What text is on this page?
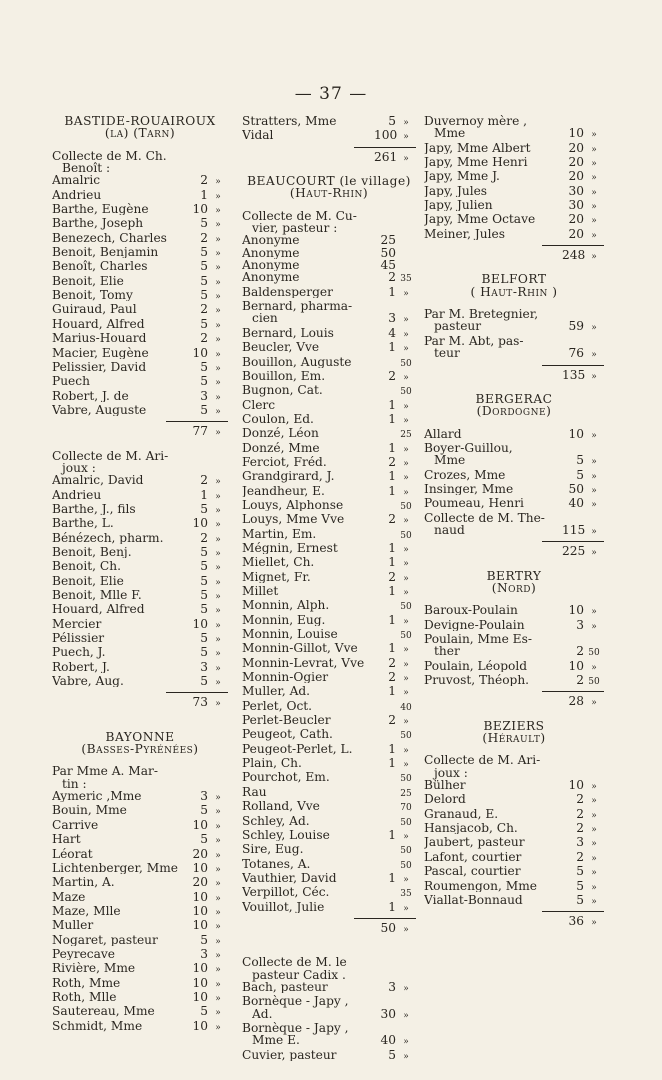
— 37 —
BASTIDE-ROUAIROUX
(la) (Tarn)
Collecte de M. Ch.
Benoît :
Amalric	2 »
Andrieu	1 »
Barthe, Eugène	10 »
Barthe, Joseph	5 »
Benezech, Charles	2 »
Benoit, Benjamin	5 »
Benoît, Charles	5 »
Benoit, Elie	5 »
Benoit, Tomy	5 »
Guiraud, Paul	2 »
Houard, Alfred	5 »
Marius-Houard	2 »
Macier, Eugène	10 »
Pelissier, David	5 »
Puech	5 »
Robert, J. de	3 »
Vabre, Auguste	5 »
77 »
Collecte de M. Ari-
joux :
Amalric, David	2 »
Andrieu	1 »
Barthe, J., fils	5 »
Barthe, L.	10 »
Bénézech, pharm.	2 »
Benoit, Benj.	5 »
Benoit, Ch.	5 »
Benoit, Elie	5 »
Benoit, Mlle F.	5 »
Houard, Alfred	5 »
Mercier	10 »
Pélissier	5 »
Puech, J.	5 »
Robert, J.	3 »
Vabre, Aug.	5 »
73 »
BAYONNE
(Basses-Pyrénées)
Par Mme A. Mar-
tin :
Aymeric ,Mme	3 »
Bouin, Mme	5 »
Carrive	10 »
Hart	5 »
Léorat	20 »
Lichtenberger, Mme	10 »
Martin, A.	20 »
Maze	10 »
Maze, Mlle	10 »
Muller	10 »
Nogaret, pasteur	5 »
Peyrecave	3 »
Rivière, Mme	10 »
Roth, Mme	10 »
Roth, Mlle	10 »
Sautereau, Mme	5 »
Schmidt, Mme	10 »
Stratters, Mme	5 »
Vidal	100 »
261 »
BEAUCOURT (le village)
(Haut-Rhin)
Collecte de M. Cu-
vier, pasteur :
Anonyme	25
Anonyme	50
Anonyme	45
Anonyme	2 35
Baldensperger	1 »
Bernard, pharma-
cien	3 »
Bernard, Louis	4 »
Beucler, Vve	1 »
Bouillon, Auguste	50
Bouillon, Em.	2 »
Bugnon, Cat.	50
Clerc	1 »
Coulon, Ed.	1 »
Donzé, Léon	25
Donzé, Mme	1 »
Ferciot, Fréd.	2 »
Grandgirard, J.	1 »
Jeandheur, E.	1 »
Louys, Alphonse	50
Louys, Mme Vve	2 »
Martin, Em.	50
Mégnin, Ernest	1 »
Miellet, Ch.	1 »
Mignet, Fr.	2 »
Millet	1 »
Monnin, Alph.	50
Monnin, Eug.	1 »
Monnin, Louise	50
Monnin-Gillot, Vve	1 »
Monnin-Levrat, Vve	2 »
Monnin-Ogier	2 »
Muller, Ad.	1 »
Perlet, Oct.	40
Perlet-Beucler	2 »
Peugeot, Cath.	50
Peugeot-Perlet, L.	1 »
Plain, Ch.	1 »
Pourchot, Em.	50
Rau	25
Rolland, Vve	70
Schley, Ad.	50
Schley, Louise	1 »
Sire, Eug.	50
Totanes, A.	50
Vauthier, David	1 »
Verpillot, Céc.	35
Vouillot, Julie	1 »
50 »
Collecte de M. le
pasteur Cadix .
Bach, pasteur	3 »
Bornèque - Japy ,
Ad.	30 »
Bornèque - Japy ,
Mme E.	40 »
Cuvier, pasteur	5 »
Duvernoy mère ,
Mme	10 »
Japy, Mme Albert	20 »
Japy, Mme Henri	20 »
Japy, Mme J.	20 »
Japy, Jules	30 »
Japy, Julien	30 »
Japy, Mme Octave	20 »
Meiner, Jules	20 »
248 »
BELFORT
( Haut-Rhin )
Par M. Bretegnier,
pasteur	59 »
Par M. Abt, pas-
teur	76 »
135 »
BERGERAC
(Dordogne)
Allard	10 »
Boyer-Guillou,
Mme	5 »
Crozes, Mme	5 »
Insinger, Mme	50 »
Poumeau, Henri	40 »
Collecte de M. The-
naud	115 »
225 »
BERTRY
(Nord)
Baroux-Poulain	10 »
Devigne-Poulain	3 »
Poulain, Mme Es-
ther	2 50
Poulain, Léopold	10 »
Pruvost, Théoph.	2 50
28 »
BEZIERS
(Hérault)
Collecte de M. Ari-
joux :
Bülher	10 »
Delord	2 »
Granaud, E.	2 »
Hansjacob, Ch.	2 »
Jaubert, pasteur	3 »
Lafont, courtier	2 »
Pascal, courtier	5 »
Roumengon, Mme	5 »
Viallat-Bonnaud	5 »
36 »
